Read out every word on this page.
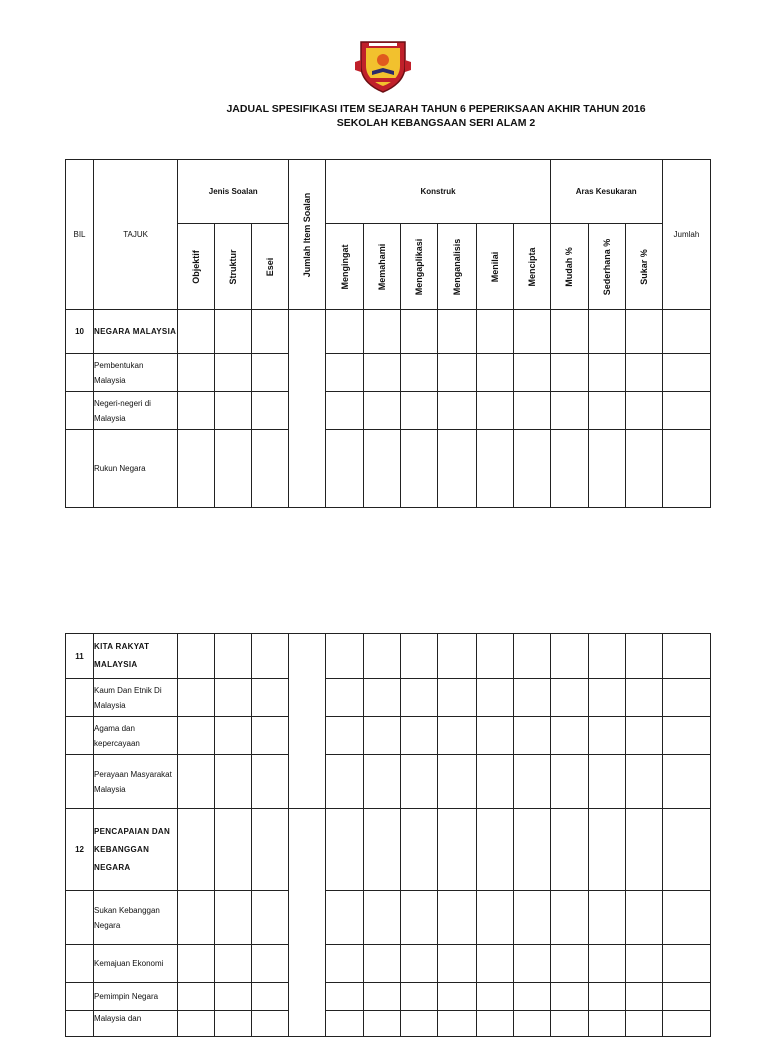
JADUAL SPESIFIKASI ITEM SEJARAH TAHUN 6 PEPERIKSAAN AKHIR TAHUN 2016
SEKOLAH KEBANGSAAN SERI ALAM 2
BIL	TAJUK	Jenis Soalan			Jumlah Item Soalan	Konstruk						Aras Kesukaran			Jumlah

		Objektif	Struktur	Esei		Mengingat	Memahami	Mengaplikasi	Menganalisis	Menilai	Mencipta	Mudah %	Sederhana %	Sukar %	

10	NEGARA MALAYSIA														
	Pembentukan Malaysia														
	Negeri-negeri di Malaysia														
	Rukun Negara														
11	KITA RAKYAT MALAYSIA														
	Kaum Dan Etnik Di Malaysia														
	Agama dan kepercayaan														
	Perayaan Masyarakat Malaysia														
12	PENCAPAIAN DAN KEBANGGAN NEGARA														
	Sukan Kebanggan Negara														
	Kemajuan Ekonomi														
	Pemimpin Negara														
	Malaysia dan														
